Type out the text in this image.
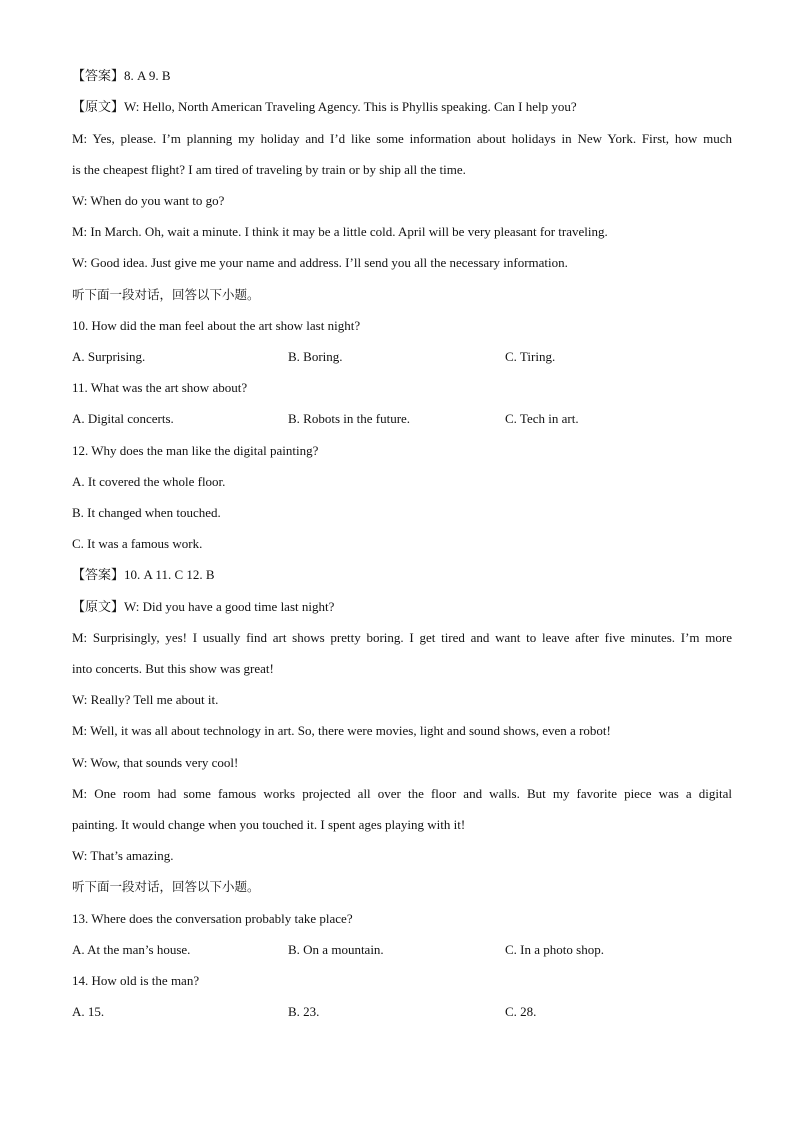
【答案】8. A 9. B
【原文】W: Hello, North American Traveling Agency. This is Phyllis speaking. Can I help you?
M: Yes, please. I’m planning my holiday and I’d like some information about holidays in New York. First, how much
is the cheapest flight? I am tired of traveling by train or by ship all the time.
W: When do you want to go?
M: In March. Oh, wait a minute. I think it may be a little cold. April will be very pleasant for traveling.
W: Good idea. Just give me your name and address. I’ll send you all the necessary information.
听下面一段对话，回答以下小题。
10. How did the man feel about the art show last night?
A. Surprising.	B. Boring.	C. Tiring.
11. What was the art show about?
A. Digital concerts.	B. Robots in the future.	C. Tech in art.
12. Why does the man like the digital painting?
A. It covered the whole floor.
B. It changed when touched.
C. It was a famous work.
【答案】10. A 11. C 12. B
【原文】W: Did you have a good time last night?
M: Surprisingly, yes! I usually find art shows pretty boring. I get tired and want to leave after five minutes. I’m more
into concerts. But this show was great!
W: Really? Tell me about it.
M: Well, it was all about technology in art. So, there were movies, light and sound shows, even a robot!
W: Wow, that sounds very cool!
M: One room had some famous works projected all over the floor and walls. But my favorite piece was a digital
painting. It would change when you touched it. I spent ages playing with it!
W: That’s amazing.
听下面一段对话，回答以下小题。
13. Where does the conversation probably take place?
A. At the man’s house.	B. On a mountain.	C. In a photo shop.
14. How old is the man?
A. 15.	B. 23.	C. 28.
